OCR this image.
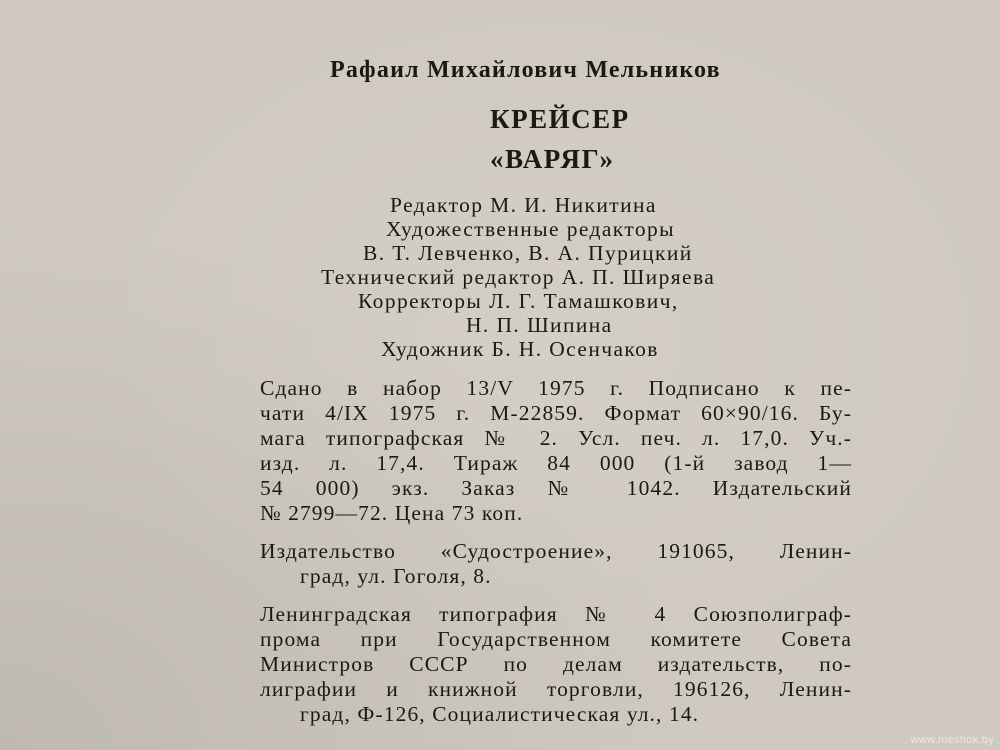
Рафаил Михайлович Мельников
КРЕЙСЕР
«ВАРЯГ»
Редактор М. И. Никитина
Художественные редакторы
В. Т. Левченко, В. А. Пурицкий
Технический редактор А. П. Ширяева
Корректоры Л. Г. Тамашкович,
Н. П. Шипина
Художник Б. Н. Осенчаков
Сдано в набор 13/V 1975 г. Подписано к пе-
чати 4/IX 1975 г. М-22859. Формат 60×90/16. Бу-
мага типографская № 2. Усл. печ. л. 17,0. Уч.-
изд. л. 17,4. Тираж 84 000 (1-й завод 1—
54 000) экз. Заказ № 1042. Издательский
№ 2799—72. Цена 73 коп.
Издательство «Судостроение», 191065, Ленин-
град, ул. Гоголя, 8.
Ленинградская типография № 4 Союзполиграф-
прома при Государственном комитете Совета
Министров СССР по делам издательств, по-
лиграфии и книжной торговли, 196126, Ленин-
град, Ф-126, Социалистическая ул., 14.
www.meshok.by
